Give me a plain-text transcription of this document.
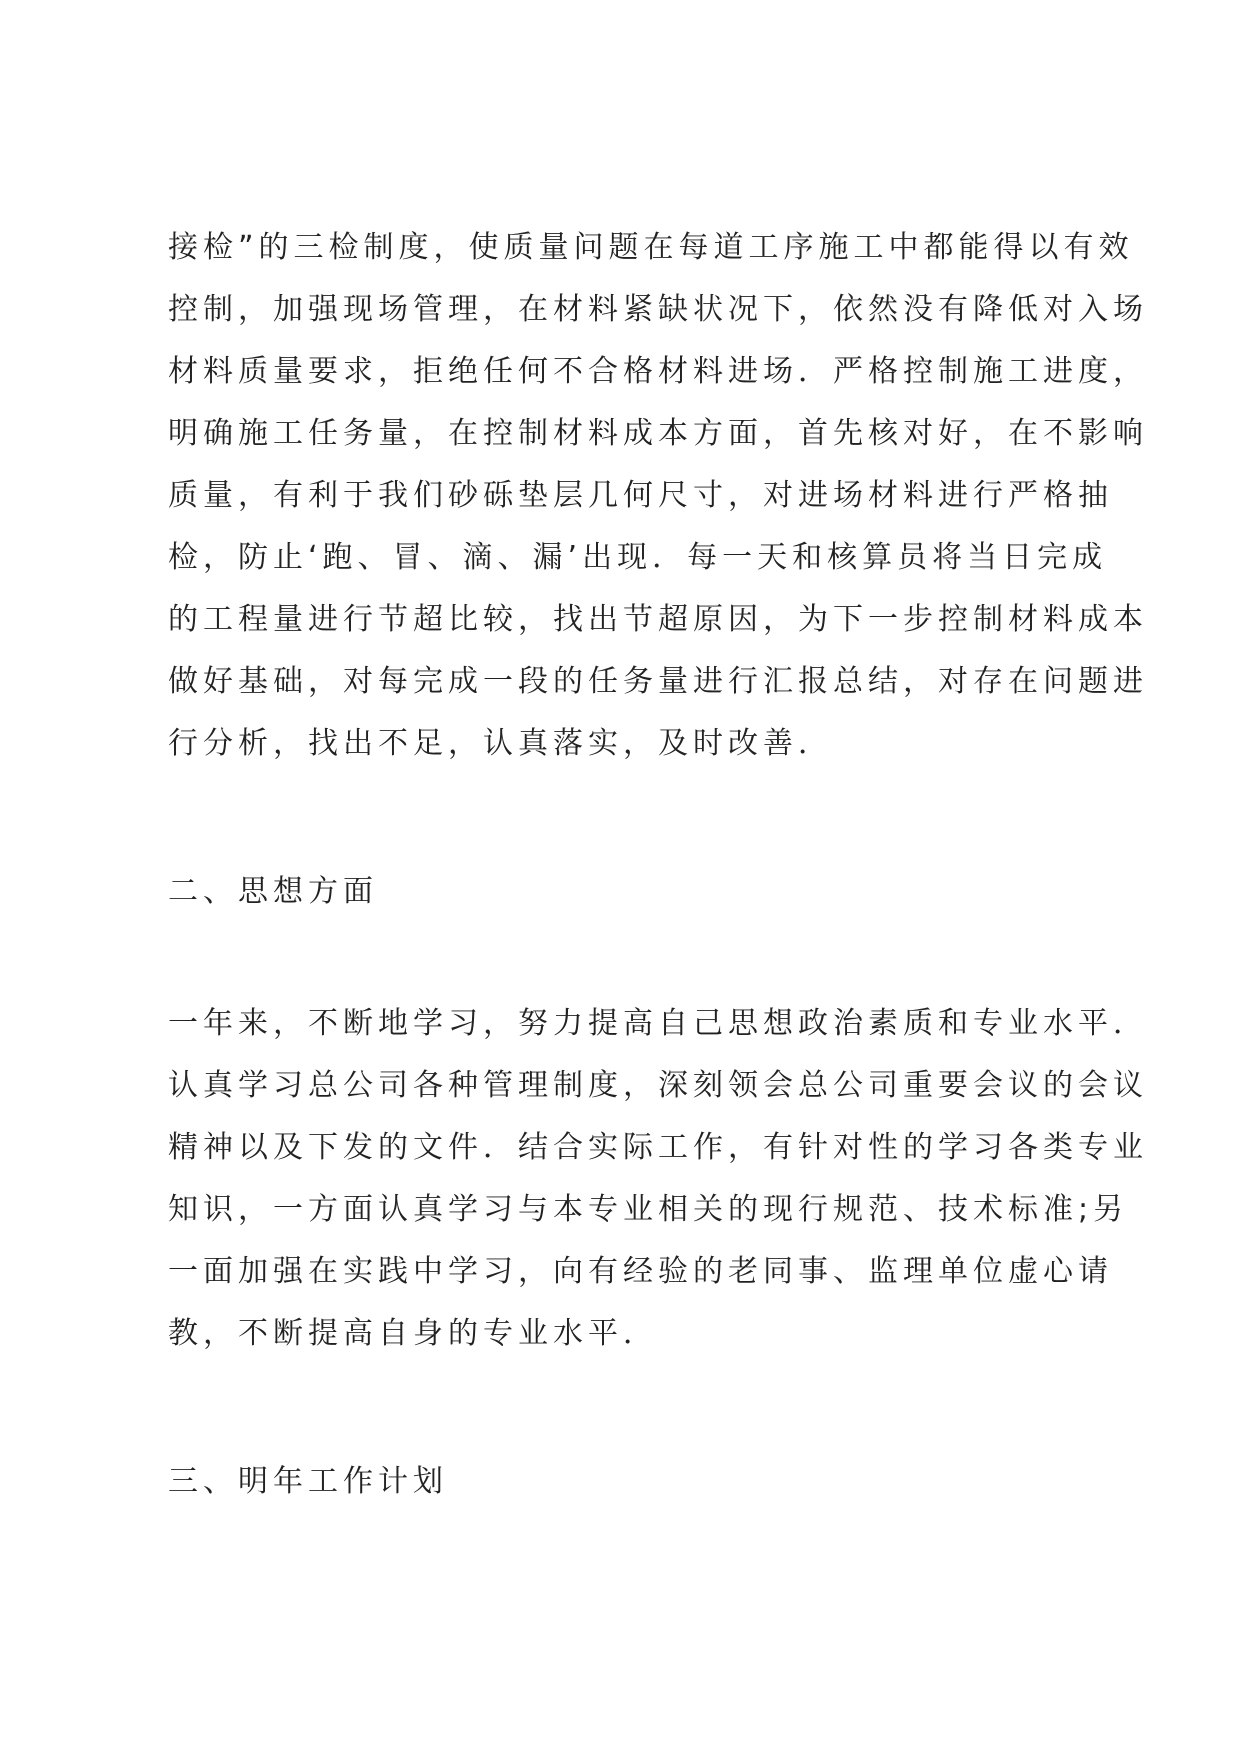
接检”的三检制度，使质量问题在每道工序施工中都能得以有效
控制，加强现场管理，在材料紧缺状况下，依然没有降低对入场
材料质量要求，拒绝任何不合格材料进场．严格控制施工进度，
明确施工任务量，在控制材料成本方面，首先核对好，在不影响
质量，有利于我们砂砾垫层几何尺寸，对进场材料进行严格抽
检，防止‘跑、冒、滴、漏’出现．每一天和核算员将当日完成
的工程量进行节超比较，找出节超原因，为下一步控制材料成本
做好基础，对每完成一段的任务量进行汇报总结，对存在问题进
行分析，找出不足，认真落实，及时改善．
二、思想方面
一年来，不断地学习，努力提高自己思想政治素质和专业水平．
认真学习总公司各种管理制度，深刻领会总公司重要会议的会议
精神以及下发的文件．结合实际工作，有针对性的学习各类专业
知识，一方面认真学习与本专业相关的现行规范、技术标准;另
一面加强在实践中学习，向有经验的老同事、监理单位虚心请
教，不断提高自身的专业水平．
三、明年工作计划
